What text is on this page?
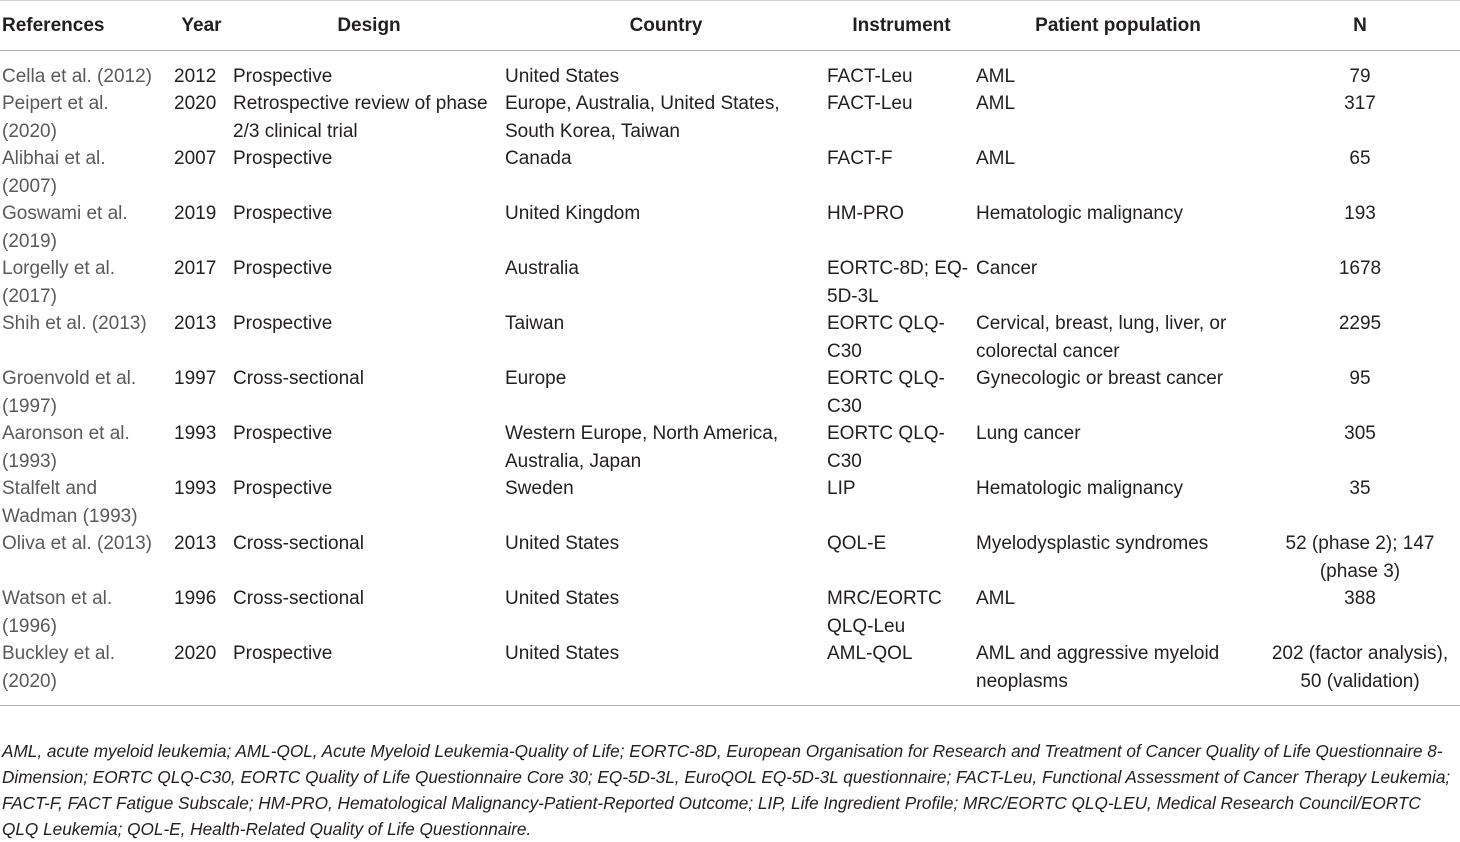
References	Year	Design	Country	Instrument	Patient population	N
Cella et al. (2012)	2012	Prospective	United States	FACT-Leu	AML	79
Peipert et al. (2020)	2020	Retrospective review of phase 2/3 clinical trial	Europe, Australia, United States, South Korea, Taiwan	FACT-Leu	AML	317
Alibhai et al. (2007)	2007	Prospective	Canada	FACT-F	AML	65
Goswami et al. (2019)	2019	Prospective	United Kingdom	HM-PRO	Hematologic malignancy	193
Lorgelly et al. (2017)	2017	Prospective	Australia	EORTC-8D; EQ-5D-3L	Cancer	1678
Shih et al. (2013)	2013	Prospective	Taiwan	EORTC QLQ-C30	Cervical, breast, lung, liver, or colorectal cancer	2295
Groenvold et al. (1997)	1997	Cross-sectional	Europe	EORTC QLQ-C30	Gynecologic or breast cancer	95
Aaronson et al. (1993)	1993	Prospective	Western Europe, North America, Australia, Japan	EORTC QLQ-C30	Lung cancer	305
Stalfelt and Wadman (1993)	1993	Prospective	Sweden	LIP	Hematologic malignancy	35
Oliva et al. (2013)	2013	Cross-sectional	United States	QOL-E	Myelodysplastic syndromes	52 (phase 2); 147 (phase 3)
Watson et al. (1996)	1996	Cross-sectional	United States	MRC/EORTC QLQ-Leu	AML	388
Buckley et al. (2020)	2020	Prospective	United States	AML-QOL	AML and aggressive myeloid neoplasms	202 (factor analysis), 50 (validation)
AML, acute myeloid leukemia; AML-QOL, Acute Myeloid Leukemia-Quality of Life; EORTC-8D, European Organisation for Research and Treatment of Cancer Quality of Life Questionnaire 8-Dimension; EORTC QLQ-C30, EORTC Quality of Life Questionnaire Core 30; EQ-5D-3L, EuroQOL EQ-5D-3L questionnaire; FACT-Leu, Functional Assessment of Cancer Therapy Leukemia; FACT-F, FACT Fatigue Subscale; HM-PRO, Hematological Malignancy-Patient-Reported Outcome; LIP, Life Ingredient Profile; MRC/EORTC QLQ-LEU, Medical Research Council/EORTC QLQ Leukemia; QOL-E, Health-Related Quality of Life Questionnaire.
